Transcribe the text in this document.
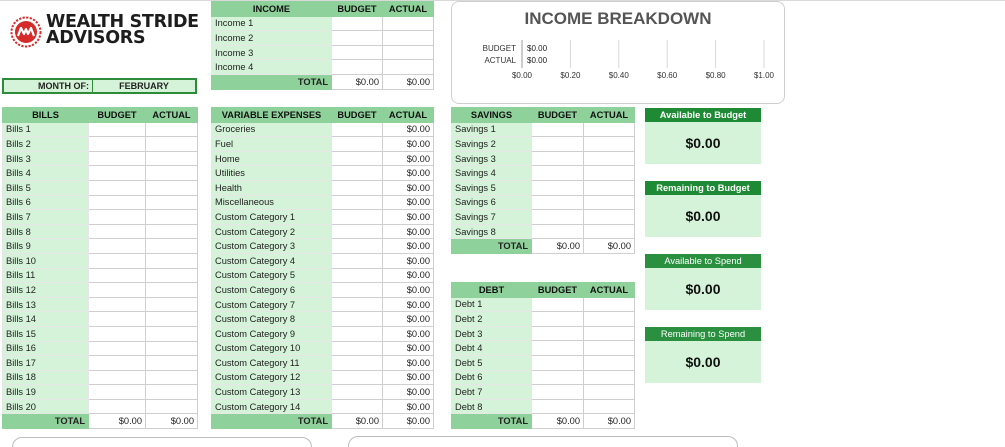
WEALTH STRIDE
ADVISORS
MONTH OF:	FEBRUARY
INCOME	BUDGET	ACTUAL
Income 1		
Income 2		
Income 3		
Income 4		
TOTAL	$0.00	$0.00
INCOME BREAKDOWN
$0.00	$0.20	$0.40	$0.60	$0.80	$1.00
BUDGET $0.00
ACTUAL $0.00
BILLS	BUDGET	ACTUAL
Bills 1		
Bills 2		
Bills 3		
Bills 4		
Bills 5		
Bills 6		
Bills 7		
Bills 8		
Bills 9		
Bills 10		
Bills 11		
Bills 12		
Bills 13		
Bills 14		
Bills 15		
Bills 16		
Bills 17		
Bills 18		
Bills 19		
Bills 20		
TOTAL	$0.00	$0.00
VARIABLE EXPENSES	BUDGET	ACTUAL
Groceries		$0.00
Fuel		$0.00
Home		$0.00
Utilities		$0.00
Health		$0.00
Miscellaneous		$0.00
Custom Category 1		$0.00
Custom Category 2		$0.00
Custom Category 3		$0.00
Custom Category 4		$0.00
Custom Category 5		$0.00
Custom Category 6		$0.00
Custom Category 7		$0.00
Custom Category 8		$0.00
Custom Category 9		$0.00
Custom Category 10		$0.00
Custom Category 11		$0.00
Custom Category 12		$0.00
Custom Category 13		$0.00
Custom Category 14		$0.00
TOTAL	$0.00	$0.00
SAVINGS	BUDGET	ACTUAL
Savings 1		
Savings 2		
Savings 3		
Savings 4		
Savings 5		
Savings 6		
Savings 7		
Savings 8		
TOTAL	$0.00	$0.00
DEBT	BUDGET	ACTUAL
Debt 1		
Debt 2		
Debt 3		
Debt 4		
Debt 5		
Debt 6		
Debt 7		
Debt 8		
TOTAL	$0.00	$0.00
Available to Budget
$0.00
Remaining to Budget
$0.00
Available to Spend
$0.00
Remaining to Spend
$0.00
